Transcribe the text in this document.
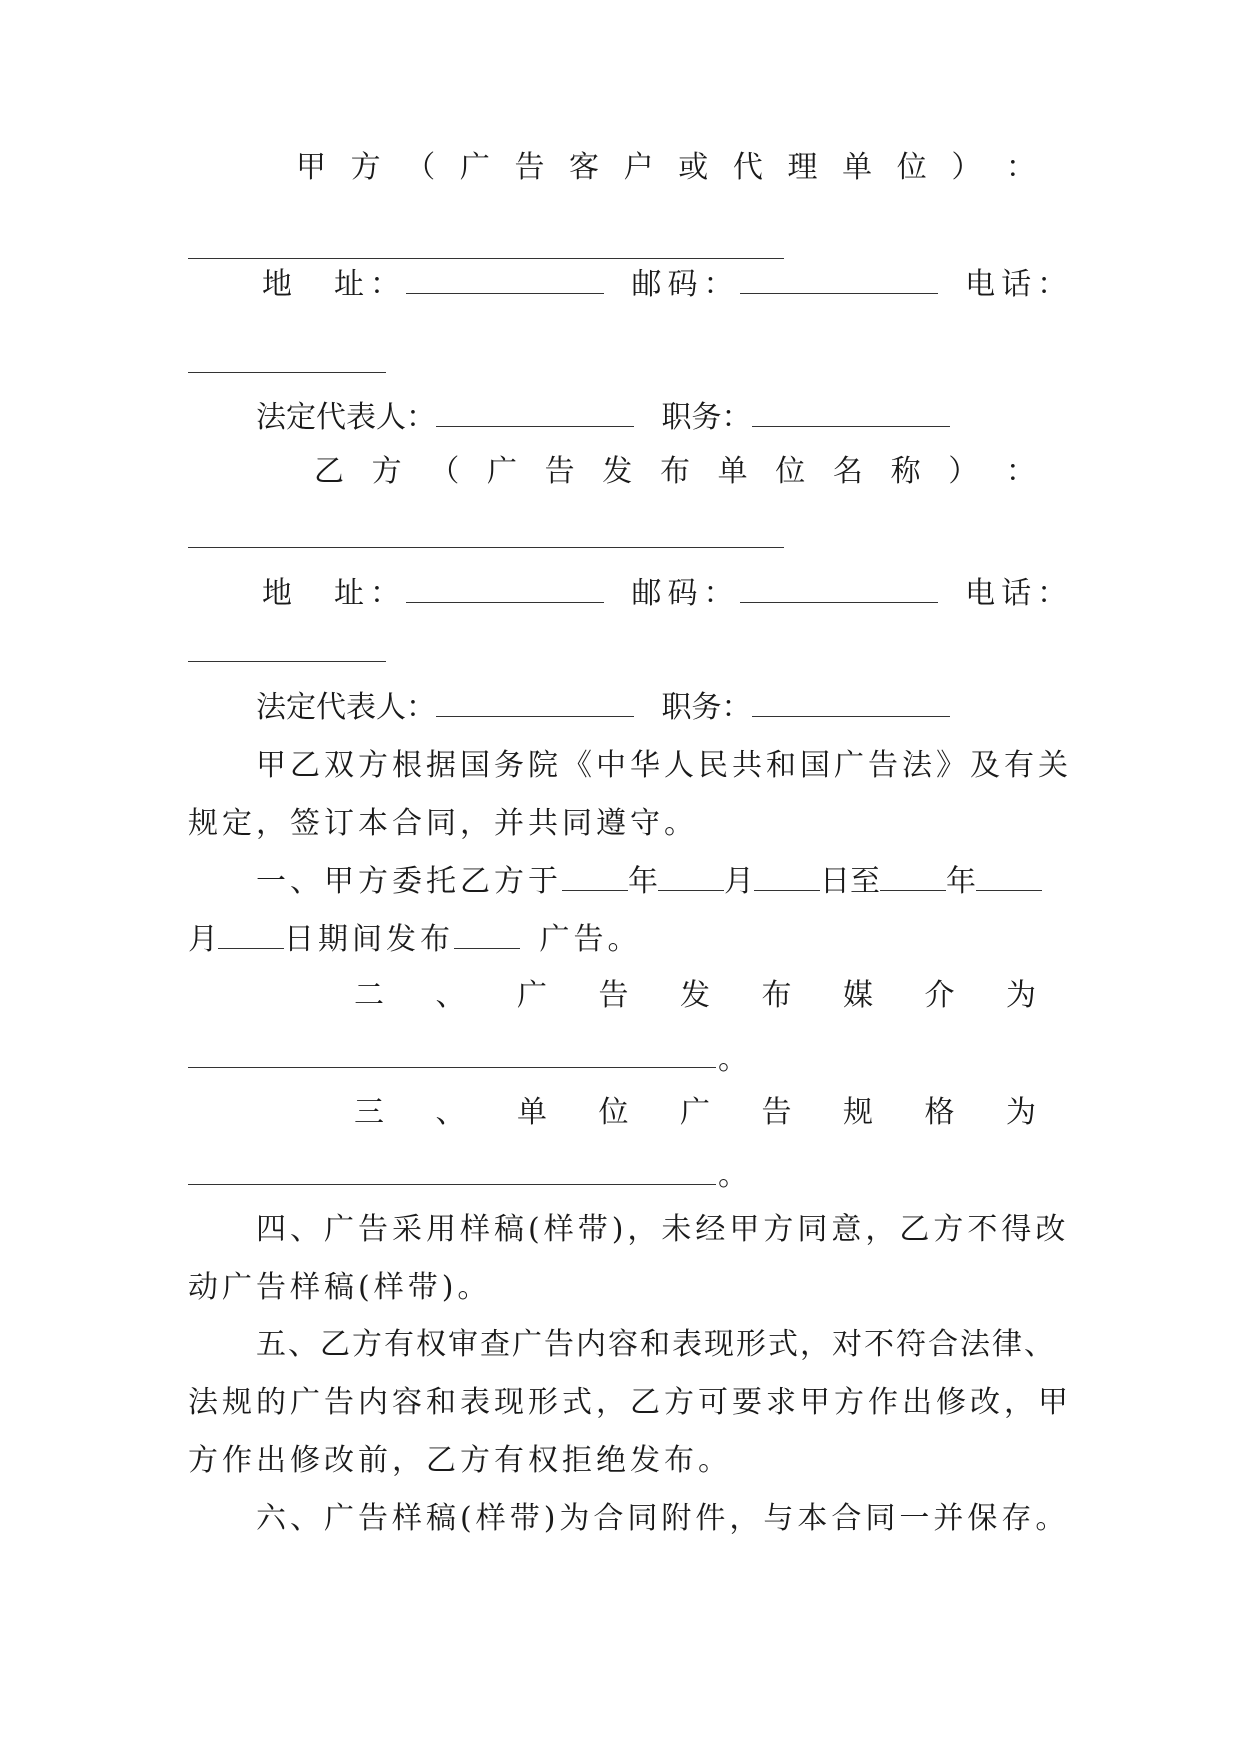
甲 方 （ 广 告 客 户 或 代 理 单 位 ） ：
地　址：	邮码：	电话：
法定代表人：	职务：
乙 方 （ 广 告 发 布 单 位 名 称 ） ：
地　址：	邮码：	电话：
法定代表人：	职务：
甲乙双方根据国务院《中华人民共和国广告法》及有关
规定，签订本合同，并共同遵守。
一、甲方委托乙方于 年 月 日至 年
月 日期间发布	广告。
二 、 广 告 发 布 媒 介 为
。
三 、 单 位 广 告 规 格 为
。
四、广告采用样稿(样带)，未经甲方同意，乙方不得改
动广告样稿(样带)。
五、乙方有权审查广告内容和表现形式，对不符合法律、
法规的广告内容和表现形式，乙方可要求甲方作出修改，甲
方作出修改前，乙方有权拒绝发布。
六、广告样稿(样带)为合同附件，与本合同一并保存。
